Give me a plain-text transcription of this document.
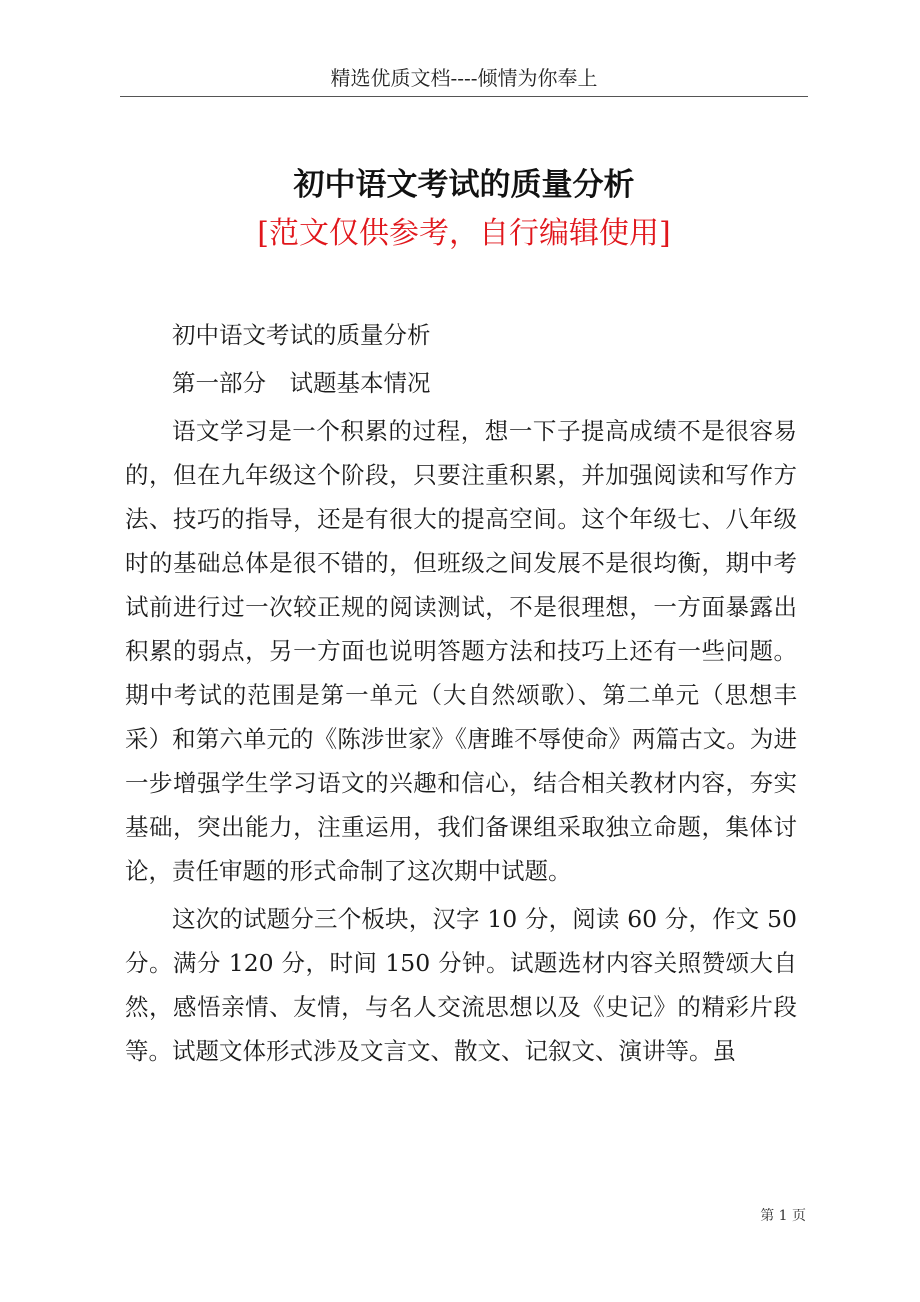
精选优质文档----倾情为你奉上
初中语文考试的质量分析
[范文仅供参考，自行编辑使用]

初中语文考试的质量分析

第一部分　试题基本情况

语文学习是一个积累的过程，想一下子提高成绩不是很容易的，但在九年级这个阶段，只要注重积累，并加强阅读和写作方法、技巧的指导，还是有很大的提高空间。这个年级七、八年级时的基础总体是很不错的，但班级之间发展不是很均衡，期中考试前进行过一次较正规的阅读测试，不是很理想，一方面暴露出积累的弱点，另一方面也说明答题方法和技巧上还有一些问题。期中考试的范围是第一单元（大自然颂歌）、第二单元（思想丰采）和第六单元的《陈涉世家》《唐雎不辱使命》两篇古文。为进一步增强学生学习语文的兴趣和信心，结合相关教材内容，夯实基础，突出能力，注重运用，我们备课组采取独立命题，集体讨论，责任审题的形式命制了这次期中试题。

这次的试题分三个板块，汉字 10 分，阅读 60 分，作文 50 分。满分 120 分，时间 150 分钟。试题选材内容关照赞颂大自然，感悟亲情、友情，与名人交流思想以及《史记》的精彩片段等。试题文体形式涉及文言文、散文、记叙文、演讲等。虽

第 1 页
